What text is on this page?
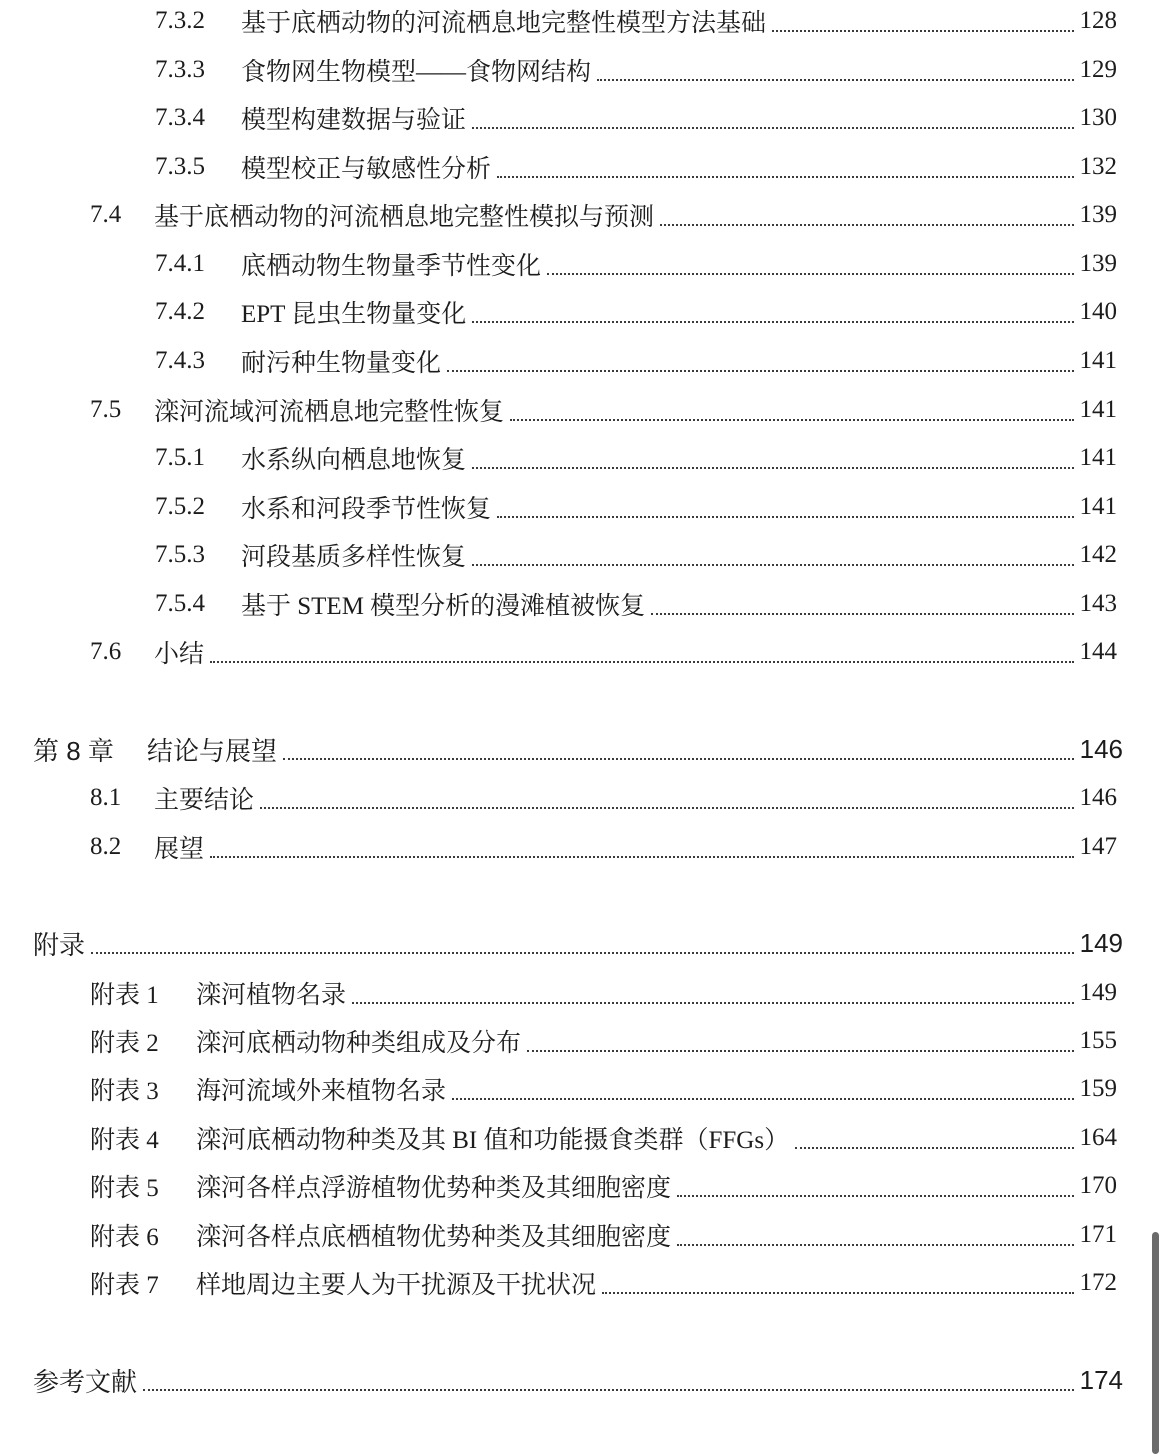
7.3.2	基于底栖动物的河流栖息地完整性模型方法基础	128
7.3.3	食物网生物模型——食物网结构	129
7.3.4	模型构建数据与验证	130
7.3.5	模型校正与敏感性分析	132
7.4	基于底栖动物的河流栖息地完整性模拟与预测	139
7.4.1	底栖动物生物量季节性变化	139
7.4.2	EPT 昆虫生物量变化	140
7.4.3	耐污种生物量变化	141
7.5	滦河流域河流栖息地完整性恢复	141
7.5.1	水系纵向栖息地恢复	141
7.5.2	水系和河段季节性恢复	141
7.5.3	河段基质多样性恢复	142
7.5.4	基于 STEM 模型分析的漫滩植被恢复	143
7.6	小结	144
第 8 章	结论与展望	146
8.1	主要结论	146
8.2	展望	147
附录	149
附表 1	滦河植物名录	149
附表 2	滦河底栖动物种类组成及分布	155
附表 3	海河流域外来植物名录	159
附表 4	滦河底栖动物种类及其 BI 值和功能摄食类群（FFGs）	164
附表 5	滦河各样点浮游植物优势种类及其细胞密度	170
附表 6	滦河各样点底栖植物优势种类及其细胞密度	171
附表 7	样地周边主要人为干扰源及干扰状况	172
参考文献	174
